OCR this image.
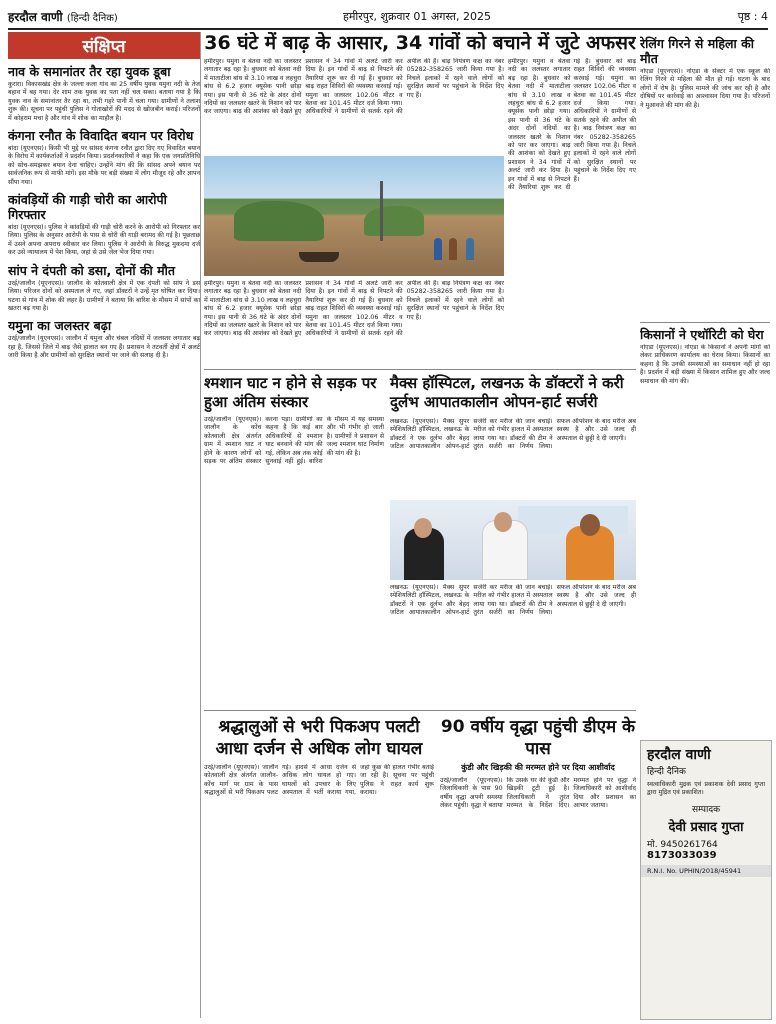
हरदौल वाणी (हिन्दी दैनिक)	हमीरपुर, शुक्रवार 01 अगस्त, 2025	पृष्ठ : 4
संक्षिप्त
नाव के समानांतर तैर रहा युवक डूबा

कुरारा। विकासखंड क्षेत्र के जल्ला कला गांव का 25 वर्षीय युवक यमुना नदी के तेज बहाव में बह गया। देर शाम तक युवक का पता नहीं चल सका। बताया गया है कि युवक नाव के समानांतर तैर रहा था, तभी गहरे पानी में चला गया। ग्रामीणों ने तलाश शुरू की। सूचना पर पहुंची पुलिस ने गोताखोरों की मदद से खोजबीन कराई। परिजनों में कोहराम मचा है और गांव में शोक का माहौल है।

कंगना रनौत के विवादित बयान पर विरोध

बांदा (यूएनएस)। किसी भी मुद्दे पर सांसद कंगना रनौत द्वारा दिए गए विवादित बयान के विरोध में कार्यकर्ताओं ने प्रदर्शन किया। प्रदर्शनकारियों ने कहा कि एक जनप्रतिनिधि को सोच-समझकर बयान देना चाहिए। उन्होंने मांग की कि सांसद अपने बयान पर सार्वजनिक रूप से माफी मांगें। इस मौके पर बड़ी संख्या में लोग मौजूद रहे और ज्ञापन सौंपा गया।

कांवड़ियों की गाड़ी चोरी का आरोपी गिरफ्तार

बांदा (यूएनएस)। पुलिस ने कांवड़ियों की गाड़ी चोरी करने के आरोपी को गिरफ्तार कर लिया। पुलिस के अनुसार आरोपी के पास से चोरी की गाड़ी बरामद की गई है। पूछताछ में उसने अपना अपराध स्वीकार कर लिया। पुलिस ने आरोपी के विरुद्ध मुकदमा दर्ज कर उसे न्यायालय में पेश किया, जहां से उसे जेल भेज दिया गया।

सांप ने दंपती को डसा, दोनों की मौत

उरई/जालौन (यूएनएस)। जालौन के कोतवाली क्षेत्र में एक दंपती को सांप ने डस लिया। परिजन दोनों को अस्पताल ले गए, जहां डॉक्टरों ने उन्हें मृत घोषित कर दिया। घटना से गांव में शोक की लहर है। ग्रामीणों ने बताया कि बारिश के मौसम में सांपों का खतरा बढ़ गया है।

यमुना का जलस्तर बढ़ा

उरई/जालौन (यूएनएस)। जालौन में यमुना और चंबल नदियों में जलस्तर लगातार बढ़ रहा है, जिससे जिले में बाढ़ जैसे हालात बन गए हैं। प्रशासन ने तटवर्ती क्षेत्रों में अलर्ट जारी किया है और ग्रामीणों को सुरक्षित स्थानों पर जाने की सलाह दी है।

36 घंटे में बाढ़ के आसार, 34 गांवों को बचाने में जुटे अफसर

हमीरपुर। यमुना व बेतवा नदी का जलस्तर लगातार बढ़ रहा है। बुधवार को बेतवा नदी में माताटीला बांध से 3.10 लाख व लहचुरा बांध से 6.2 हजार क्यूसेक पानी छोड़ा गया। इस पानी से 36 घंटे के अंदर दोनों नदियों का जलस्तर खतरे के निशान को पार कर जाएगा। बाढ़ की आशंका को देखते हुए प्रशासन ने 34 गांवों में अलर्ट जारी कर दिया है। इन गांवों में बाढ़ से निपटने की तैयारियां शुरू कर दी गई हैं। बुधवार को बाढ़ राहत शिविरों की व्यवस्था करवाई गई। यमुना का जलस्तर 102.06 मीटर व बेतवा का 101.45 मीटर दर्ज किया गया। अधिकारियों ने ग्रामीणों से सतर्क रहने की अपील की है। बाढ़ नियंत्रण कक्ष का नंबर 05282-358265 जारी किया गया है। निचले इलाकों में रहने वाले लोगों को सुरक्षित स्थानों पर पहुंचाने के निर्देश दिए गए हैं।

हमीरपुर। यमुना व बेतवा नदी का जलस्तर लगातार बढ़ रहा है। बुधवार को बेतवा नदी में माताटीला बांध से 3.10 लाख व लहचुरा बांध से 6.2 हजार क्यूसेक पानी छोड़ा गया। इस पानी से 36 घंटे के अंदर दोनों नदियों का जलस्तर खतरे के निशान को पार कर जाएगा। बाढ़ की आशंका को देखते हुए प्रशासन ने 34 गांवों में अलर्ट जारी कर दिया है। इन गांवों में बाढ़ से निपटने की तैयारियां शुरू कर दी गई हैं। बुधवार को बाढ़ राहत शिविरों की व्यवस्था करवाई गई। यमुना का जलस्तर 102.06 मीटर व बेतवा का 101.45 मीटर दर्ज किया गया। अधिकारियों ने ग्रामीणों से सतर्क रहने की अपील की है। बाढ़ नियंत्रण कक्ष का नंबर 05282-358265 जारी किया गया है। निचले इलाकों में रहने वाले लोगों को सुरक्षित स्थानों पर पहुंचाने के निर्देश दिए गए हैं।

हमीरपुर। यमुना व बेतवा नदी का जलस्तर लगातार बढ़ रहा है। बुधवार को बेतवा नदी में माताटीला बांध से 3.10 लाख व लहचुरा बांध से 6.2 हजार क्यूसेक पानी छोड़ा गया। इस पानी से 36 घंटे के अंदर दोनों नदियों का जलस्तर खतरे के निशान को पार कर जाएगा। बाढ़ की आशंका को देखते हुए प्रशासन ने 34 गांवों में अलर्ट जारी कर दिया है। इन गांवों में बाढ़ से निपटने की तैयारियां शुरू कर दी गई हैं। बुधवार को बाढ़ राहत शिविरों की व्यवस्था करवाई गई। यमुना का जलस्तर 102.06 मीटर व बेतवा का 101.45 मीटर दर्ज किया गया। अधिकारियों ने ग्रामीणों से सतर्क रहने की अपील की है। बाढ़ नियंत्रण कक्ष का नंबर 05282-358265 जारी किया गया है। निचले इलाकों में रहने वाले लोगों को सुरक्षित स्थानों पर पहुंचाने के निर्देश दिए गए हैं।

श्मशान घाट न होने से सड़क पर हुआ अंतिम संस्कार

उरई/जालौन (यूएनएस)। जालौन के कोंच कोतवाली क्षेत्र अंतर्गत ग्राम में श्मशान घाट न होने के कारण लोगों को सड़क पर अंतिम संस्कार करना पड़ा। ग्रामीणों का कहना है कि कई बार अधिकारियों से श्मशान घाट बनवाने की मांग की गई, लेकिन अब तक कोई सुनवाई नहीं हुई। बारिश के मौसम में यह समस्या और भी गंभीर हो जाती है। ग्रामीणों ने प्रशासन से जल्द श्मशान घाट निर्माण की मांग की है।

मैक्स हॉस्पिटल, लखनऊ के डॉक्टरों ने करी दुर्लभ आपातकालीन ओपन-हार्ट सर्जरी

लखनऊ (यूएनएस)। मैक्स सुपर स्पेशियलिटी हॉस्पिटल, लखनऊ के डॉक्टरों ने एक दुर्लभ और बेहद जटिल आपातकालीन ओपन-हार्ट सर्जरी कर मरीज की जान बचाई। मरीज को गंभीर हालत में अस्पताल लाया गया था। डॉक्टरों की टीम ने तुरंत सर्जरी का निर्णय लिया। सफल ऑपरेशन के बाद मरीज अब स्वस्थ है और उसे जल्द ही अस्पताल से छुट्टी दे दी जाएगी।

लखनऊ (यूएनएस)। मैक्स सुपर स्पेशियलिटी हॉस्पिटल, लखनऊ के डॉक्टरों ने एक दुर्लभ और बेहद जटिल आपातकालीन ओपन-हार्ट सर्जरी कर मरीज की जान बचाई। मरीज को गंभीर हालत में अस्पताल लाया गया था। डॉक्टरों की टीम ने तुरंत सर्जरी का निर्णय लिया। सफल ऑपरेशन के बाद मरीज अब स्वस्थ है और उसे जल्द ही अस्पताल से छुट्टी दे दी जाएगी।

श्रद्धालुओं से भरी पिकअप पलटी आधा दर्जन से अधिक लोग घायल

उरई/जालौन (यूएनएस)। जालौन कोतवाली क्षेत्र अंतर्गत जालौन-कोंच मार्ग पर ग्राम के पास श्रद्धालुओं से भरी पिकअप पलट गई। हादसे में आधा दर्जन से अधिक लोग घायल हो गए। घायलों को उपचार के लिए अस्पताल में भर्ती कराया गया, जहां कुछ की हालत गंभीर बताई जा रही है। सूचना पर पहुंची पुलिस ने राहत कार्य शुरू कराया।

90 वर्षीय वृद्धा पहुंची डीएम के पास
कुंडी और खिड़की की मरम्मत होने पर दिया आशीर्वाद

उरई/जालौन (यूएनएस)। जिलाधिकारी के पास 90 वर्षीय वृद्धा अपनी समस्या लेकर पहुंची। वृद्धा ने बताया कि उसके घर की कुंडी और खिड़की टूटी हुई है। जिलाधिकारी ने तुरंत मरम्मत के निर्देश दिए। मरम्मत होने पर वृद्धा ने जिलाधिकारी को आशीर्वाद दिया और प्रशासन का आभार जताया।

रेलिंग गिरने से महिला की मौत

नोएडा (यूएनएस)। नोएडा के सेक्टर में एक स्कूल की रेलिंग गिरने से महिला की मौत हो गई। घटना के बाद लोगों में रोष है। पुलिस मामले की जांच कर रही है और दोषियों पर कार्रवाई का आश्वासन दिया गया है। परिजनों ने मुआवजे की मांग की है।

किसानों ने एथॉरिटी को घेरा

नोएडा (यूएनएस)। नोएडा के किसानों ने अपनी मांगों को लेकर प्राधिकरण कार्यालय का घेराव किया। किसानों का कहना है कि उनकी समस्याओं का समाधान नहीं हो रहा है। प्रदर्शन में बड़ी संख्या में किसान शामिल हुए और जल्द समाधान की मांग की।

हरदौल वाणी
हिन्दी दैनिक

स्वत्वाधिकारी मुद्रक एवं प्रकाशक देवी प्रसाद गुप्ता द्वारा मुद्रित एवं प्रकाशित।

सम्पादक
देवी प्रसाद गुप्ता
मो. 9450261764
8173033039
R.N.I. No. UPHIN/2018/45941
